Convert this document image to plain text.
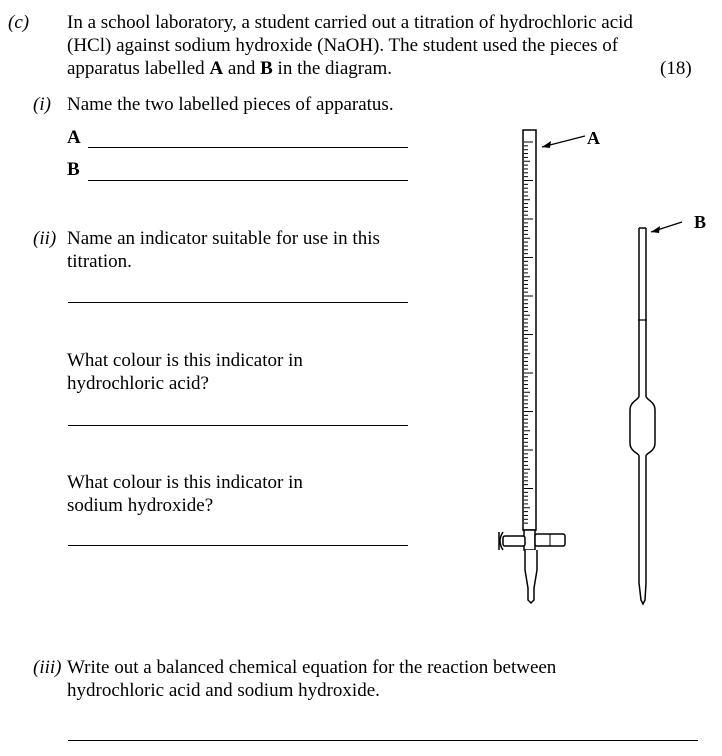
(c) In a school laboratory, a student carried out a titration of hydrochloric acid
(HCl) against sodium hydroxide (NaOH). The student used the pieces of
apparatus labelled A and B in the diagram.	(18)
(i) Name the two labelled pieces of apparatus.
A
B
(ii) Name an indicator suitable for use in this
titration.
What colour is this indicator in
hydrochloric acid?
What colour is this indicator in
sodium hydroxide?
(iii) Write out a balanced chemical equation for the reaction between
hydrochloric acid and sodium hydroxide.
A
B
